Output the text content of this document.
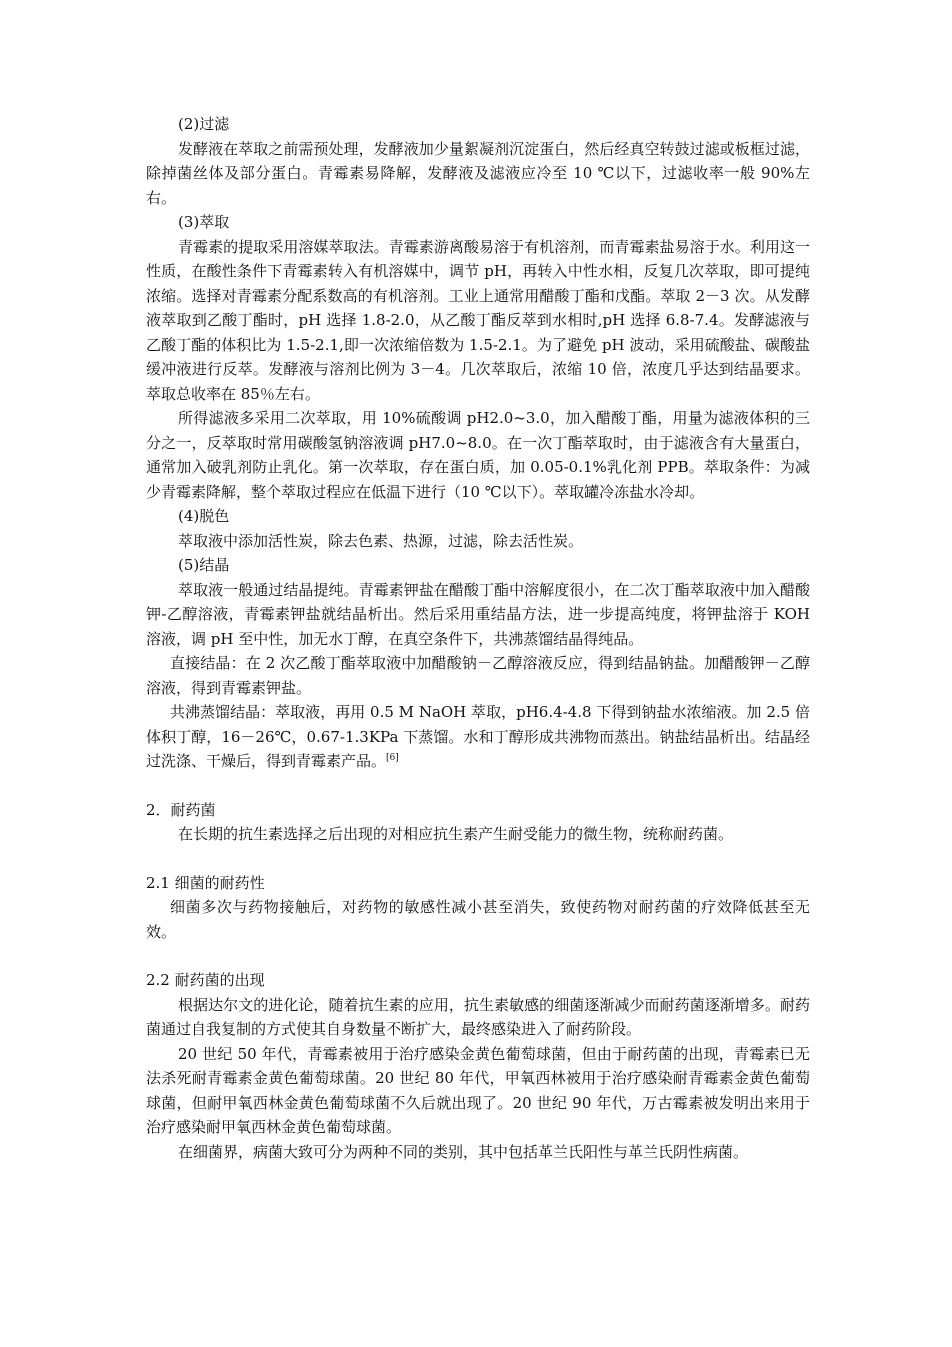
(2)过滤

发酵液在萃取之前需预处理，发酵液加少量絮凝剂沉淀蛋白，然后经真空转鼓过滤或板框过滤，除掉菌丝体及部分蛋白。青霉素易降解，发酵液及滤液应冷至 10 ℃以下，过滤收率一般 90%左右。

(3)萃取

青霉素的提取采用溶媒萃取法。青霉素游离酸易溶于有机溶剂，而青霉素盐易溶于水。利用这一性质，在酸性条件下青霉素转入有机溶媒中，调节 pH，再转入中性水相，反复几次萃取，即可提纯浓缩。选择对青霉素分配系数高的有机溶剂。工业上通常用醋酸丁酯和戊酯。萃取 2－3 次。从发酵液萃取到乙酸丁酯时，pH 选择 1.8-2.0，从乙酸丁酯反萃到水相时,pH 选择 6.8-7.4。发酵滤液与乙酸丁酯的体积比为 1.5-2.1,即一次浓缩倍数为 1.5-2.1。为了避免 pH 波动，采用硫酸盐、碳酸盐缓冲液进行反萃。发酵液与溶剂比例为 3－4。几次萃取后，浓缩 10 倍，浓度几乎达到结晶要求。萃取总收率在 85％左右。

所得滤液多采用二次萃取，用 10%硫酸调 pH2.0~3.0，加入醋酸丁酯，用量为滤液体积的三分之一，反萃取时常用碳酸氢钠溶液调 pH7.0~8.0。在一次丁酯萃取时，由于滤液含有大量蛋白，通常加入破乳剂防止乳化。第一次萃取，存在蛋白质，加 0.05-0.1%乳化剂 PPB。萃取条件：为减少青霉素降解，整个萃取过程应在低温下进行（10 ℃以下）。萃取罐冷冻盐水冷却。

(4)脱色

萃取液中添加活性炭，除去色素、热源，过滤，除去活性炭。

(5)结晶

萃取液一般通过结晶提纯。青霉素钾盐在醋酸丁酯中溶解度很小，在二次丁酯萃取液中加入醋酸钾-乙醇溶液，青霉素钾盐就结晶析出。然后采用重结晶方法，进一步提高纯度，将钾盐溶于 KOH 溶液，调 pH 至中性，加无水丁醇，在真空条件下，共沸蒸馏结晶得纯品。

直接结晶：在 2 次乙酸丁酯萃取液中加醋酸钠－乙醇溶液反应，得到结晶钠盐。加醋酸钾－乙醇溶液，得到青霉素钾盐。

共沸蒸馏结晶：萃取液，再用 0.5 M NaOH 萃取，pH6.4-4.8 下得到钠盐水浓缩液。加 2.5 倍体积丁醇，16－26℃，0.67-1.3KPa 下蒸馏。水和丁醇形成共沸物而蒸出。钠盐结晶析出。结晶经过洗涤、干燥后，得到青霉素产品。[6]

2．耐药菌

在长期的抗生素选择之后出现的对相应抗生素产生耐受能力的微生物，统称耐药菌。

2.1 细菌的耐药性

细菌多次与药物接触后，对药物的敏感性减小甚至消失，致使药物对耐药菌的疗效降低甚至无效。

2.2 耐药菌的出现

根据达尔文的进化论，随着抗生素的应用，抗生素敏感的细菌逐渐减少而耐药菌逐渐增多。耐药菌通过自我复制的方式使其自身数量不断扩大，最终感染进入了耐药阶段。

20 世纪 50 年代，青霉素被用于治疗感染金黄色葡萄球菌，但由于耐药菌的出现，青霉素已无法杀死耐青霉素金黄色葡萄球菌。20 世纪 80 年代，甲氧西林被用于治疗感染耐青霉素金黄色葡萄球菌，但耐甲氧西林金黄色葡萄球菌不久后就出现了。20 世纪 90 年代，万古霉素被发明出来用于治疗感染耐甲氧西林金黄色葡萄球菌。

在细菌界，病菌大致可分为两种不同的类别，其中包括革兰氏阳性与革兰氏阴性病菌。
